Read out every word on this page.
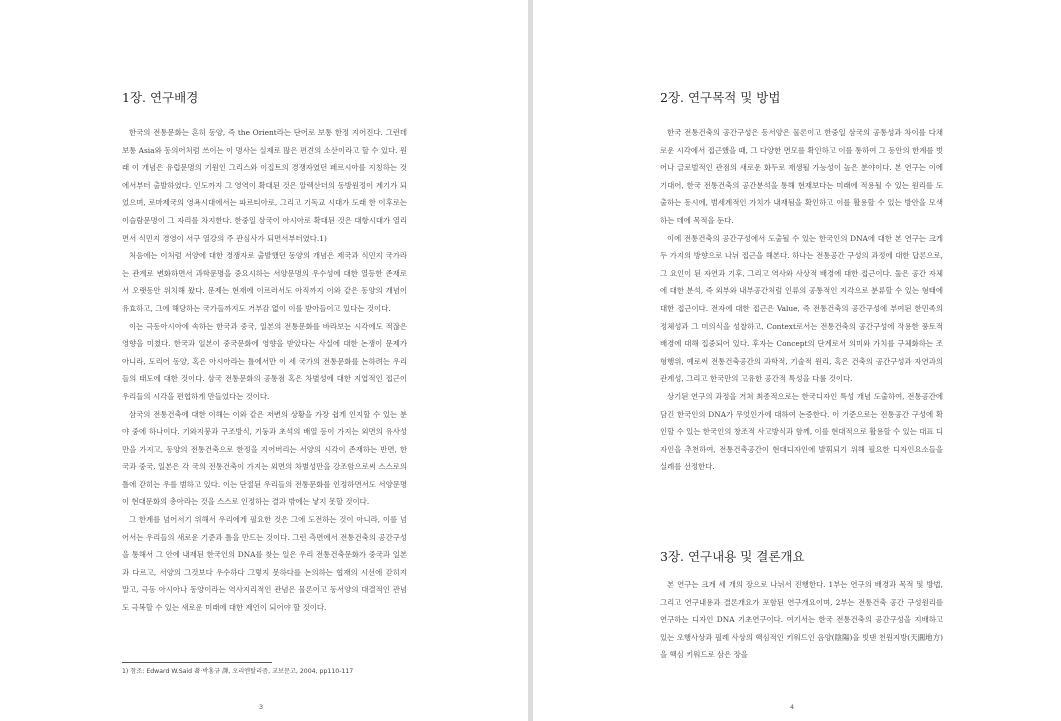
1장. 연구배경

한국의 전통문화는 흔히 동양, 즉 the Orient라는 단어로 보통 한정 지어진다. 그런데 보통 Asia와 동의어처럼 쓰이는 이 명사는 실제로 많은 편견의 소산이라고 할 수 있다. 원래 이 개념은 유럽문명의 기원인 그리스와 이집트의 경쟁자였던 페르시아를 지칭하는 것에서부터 출발하였다. 인도까지 그 영역이 확대된 것은 알렉산더의 동방원정이 계기가 되었으며, 로마제국의 영욕시대에서는 파르티아로, 그리고 기독교 시대가 도래 한 이후로는 이슬람문명이 그 자리를 차지한다. 한중일 삼국이 아시아로 확대된 것은 대항시대가 열리면서 식민지 경영이 서구 열강의 주 관심사가 되면서부터였다.1)

처음에는 이처럼 서양에 대한 경쟁자로 출발했던 동양의 개념은 제국과 식민지 국가라는 관계로 변화하면서 과학문명을 중요시하는 서양문명의 우수성에 대한 열등한 존재로서 오랫동안 위치해 왔다. 문제는 현재에 이르러서도 아직까지 이와 같은 동양의 개념이 유효하고, 그에 해당하는 국가들까지도 거부감 없이 이를 받아들이고 있다는 것이다.

이는 극동아시아에 속하는 한국과 중국, 일본의 전통문화를 바라보는 시각에도 적잖은 영향을 미쳤다. 한국과 일본이 중국문화에 영향을 받았다는 사실에 대한 논쟁이 문제가 아니라, 도리어 동양, 혹은 아시아라는 틀에서만 이 세 국가의 전통문화를 논하려는 우리들의 태도에 대한 것이다. 삼국 전통문화의 공통점 혹은 차별성에 대한 지엽적인 접근이 우리들의 시각을 편협하게 만들었다는 것이다.

삼국의 전통건축에 대한 이해는 이와 같은 저변의 상황을 가장 쉽게 인지할 수 있는 분야 중에 하나이다. 기와지붕과 구조방식, 기둥과 초석의 배열 등이 가지는 외면의 유사성만을 가지고, 동양의 전통건축으로 한정을 지어버리는 서양의 시각이 존재하는 반면, 한국과 중국, 일본은 각 국의 전통건축이 가지는 외면의 차별성만을 강조함으로써 스스로의 틀에 갇히는 우를 범하고 있다. 이는 단절된 우리들의 전통문화를 인정하면서도 서양문명이 현대문화의 총아라는 것을 스스로 인정하는 결과 밖에는 낳지 못할 것이다.

그 한계를 넘어서기 위해서 우리에게 필요한 것은 그에 도전하는 것이 아니라, 이를 넘어서는 우리들의 새로운 기준과 틀을 만드는 것이다. 그런 측면에서 전통건축의 공간구성을 통해서 그 안에 내재된 한국인의 DNA를 찾는 일은 우리 전통건축문화가 중국과 일본과 다르고, 서양의 그것보다 우수하다 그렇지 못하다를 논의하는 협재의 시선에 갇히지 말고, 극동 아시아나 동양이라는 역사지리적인 관념은 물론이고 동서양의 대결적인 관념도 극복할 수 있는 새로운 미래에 대한 제언이 되어야 할 것이다.

1) 참조: Edward W.Said 著·박홍규 譯, 오리엔탈리즘, 교보문고, 2004, pp110-117
3
2장. 연구목적 및 방법

한국 전통건축의 공간구성은 동서양은 물론이고 한중일 삼국의 공통성과 차이를 다채로운 시각에서 접근했을 때, 그 다양한 면모를 확인하고 이를 통하여 그 동안의 한계를 벗어나 글로벌적인 관점의 새로운 화두로 재생될 가능성이 높은 분야이다. 본 연구는 이에 기대어, 한국 전통건축의 공간분석을 통해 현재보다는 미래에 적용될 수 있는 원리를 도출하는 동시에, 범세계적인 가치가 내재됨을 확인하고 이를 활용할 수 있는 방안을 모색하는 데에 목적을 둔다.

이에 전통건축의 공간구성에서 도출될 수 있는 한국인의 DNA에 대한 본 연구는 크게 두 가지의 방향으로 나뉘 접근을 해본다. 하나는 전통공간 구성의 과정에 대한 답론으로, 그 요인이 된 자연과 기후, 그리고 역사와 사상적 배경에 대한 접근이다. 둘은 공간 자체에 대한 분석, 즉 외부와 내부공간처럼 인류의 공통적인 지각으로 분류할 수 있는 형태에 대한 접근이다. 전자에 대한 접근은 Value, 즉 전통건축의 공간구성에 부여된 한민족의 정체성과 그 미의식을 성찰하고, Context로서는 전통건축의 공간구성에 작용한 풍토적 배경에 대해 집중되어 있다. 후자는 Concept의 단계로서 의미와 가치를 구체화하는 조형행위, 예로써 전통건축공간의 과학적, 기술적 원리, 혹은 건축의 공간구성과 자연과의 관계성, 그리고 한국만의 고유한 공간적 특성을 다룰 것이다.

상기된 연구의 과정을 거쳐 최종적으로는 한국디자인 특성 개념 도출하여, 전통공간에 담긴 한국인의 DNA가 무엇인가에 대하여 논증한다. 이 기준으로는 전통공간 구성에 확인할 수 있는 한국인의 창조적 사고방식과 함께, 이를 현대적으로 활용할 수 있는 대표 디자인을 추천하여, 전통건축공간이 현대디자인에 발휘되기 위해 필요한 디자인요소들을 실례를 선정한다.

3장. 연구내용 및 결론개요

본 연구는 크게 세 개의 장으로 나뉘서 진행한다. 1부는 연구의 배경과 목적 및 방법, 그리고 연구내용과 결론개요가 포함된 연구개요이며, 2부는 전통건축 공간 구성원리를 연구하는 디자인 DNA 기초연구이다. 여기서는 한국 전통건축의 공간구성을 지배하고 있는 오행사상과 필례 사상의 핵심적인 키워드인 음양(陰陽)을 빗댄 천원지방(天圓地方)을 핵심 키워드로 삼은 장을

4
